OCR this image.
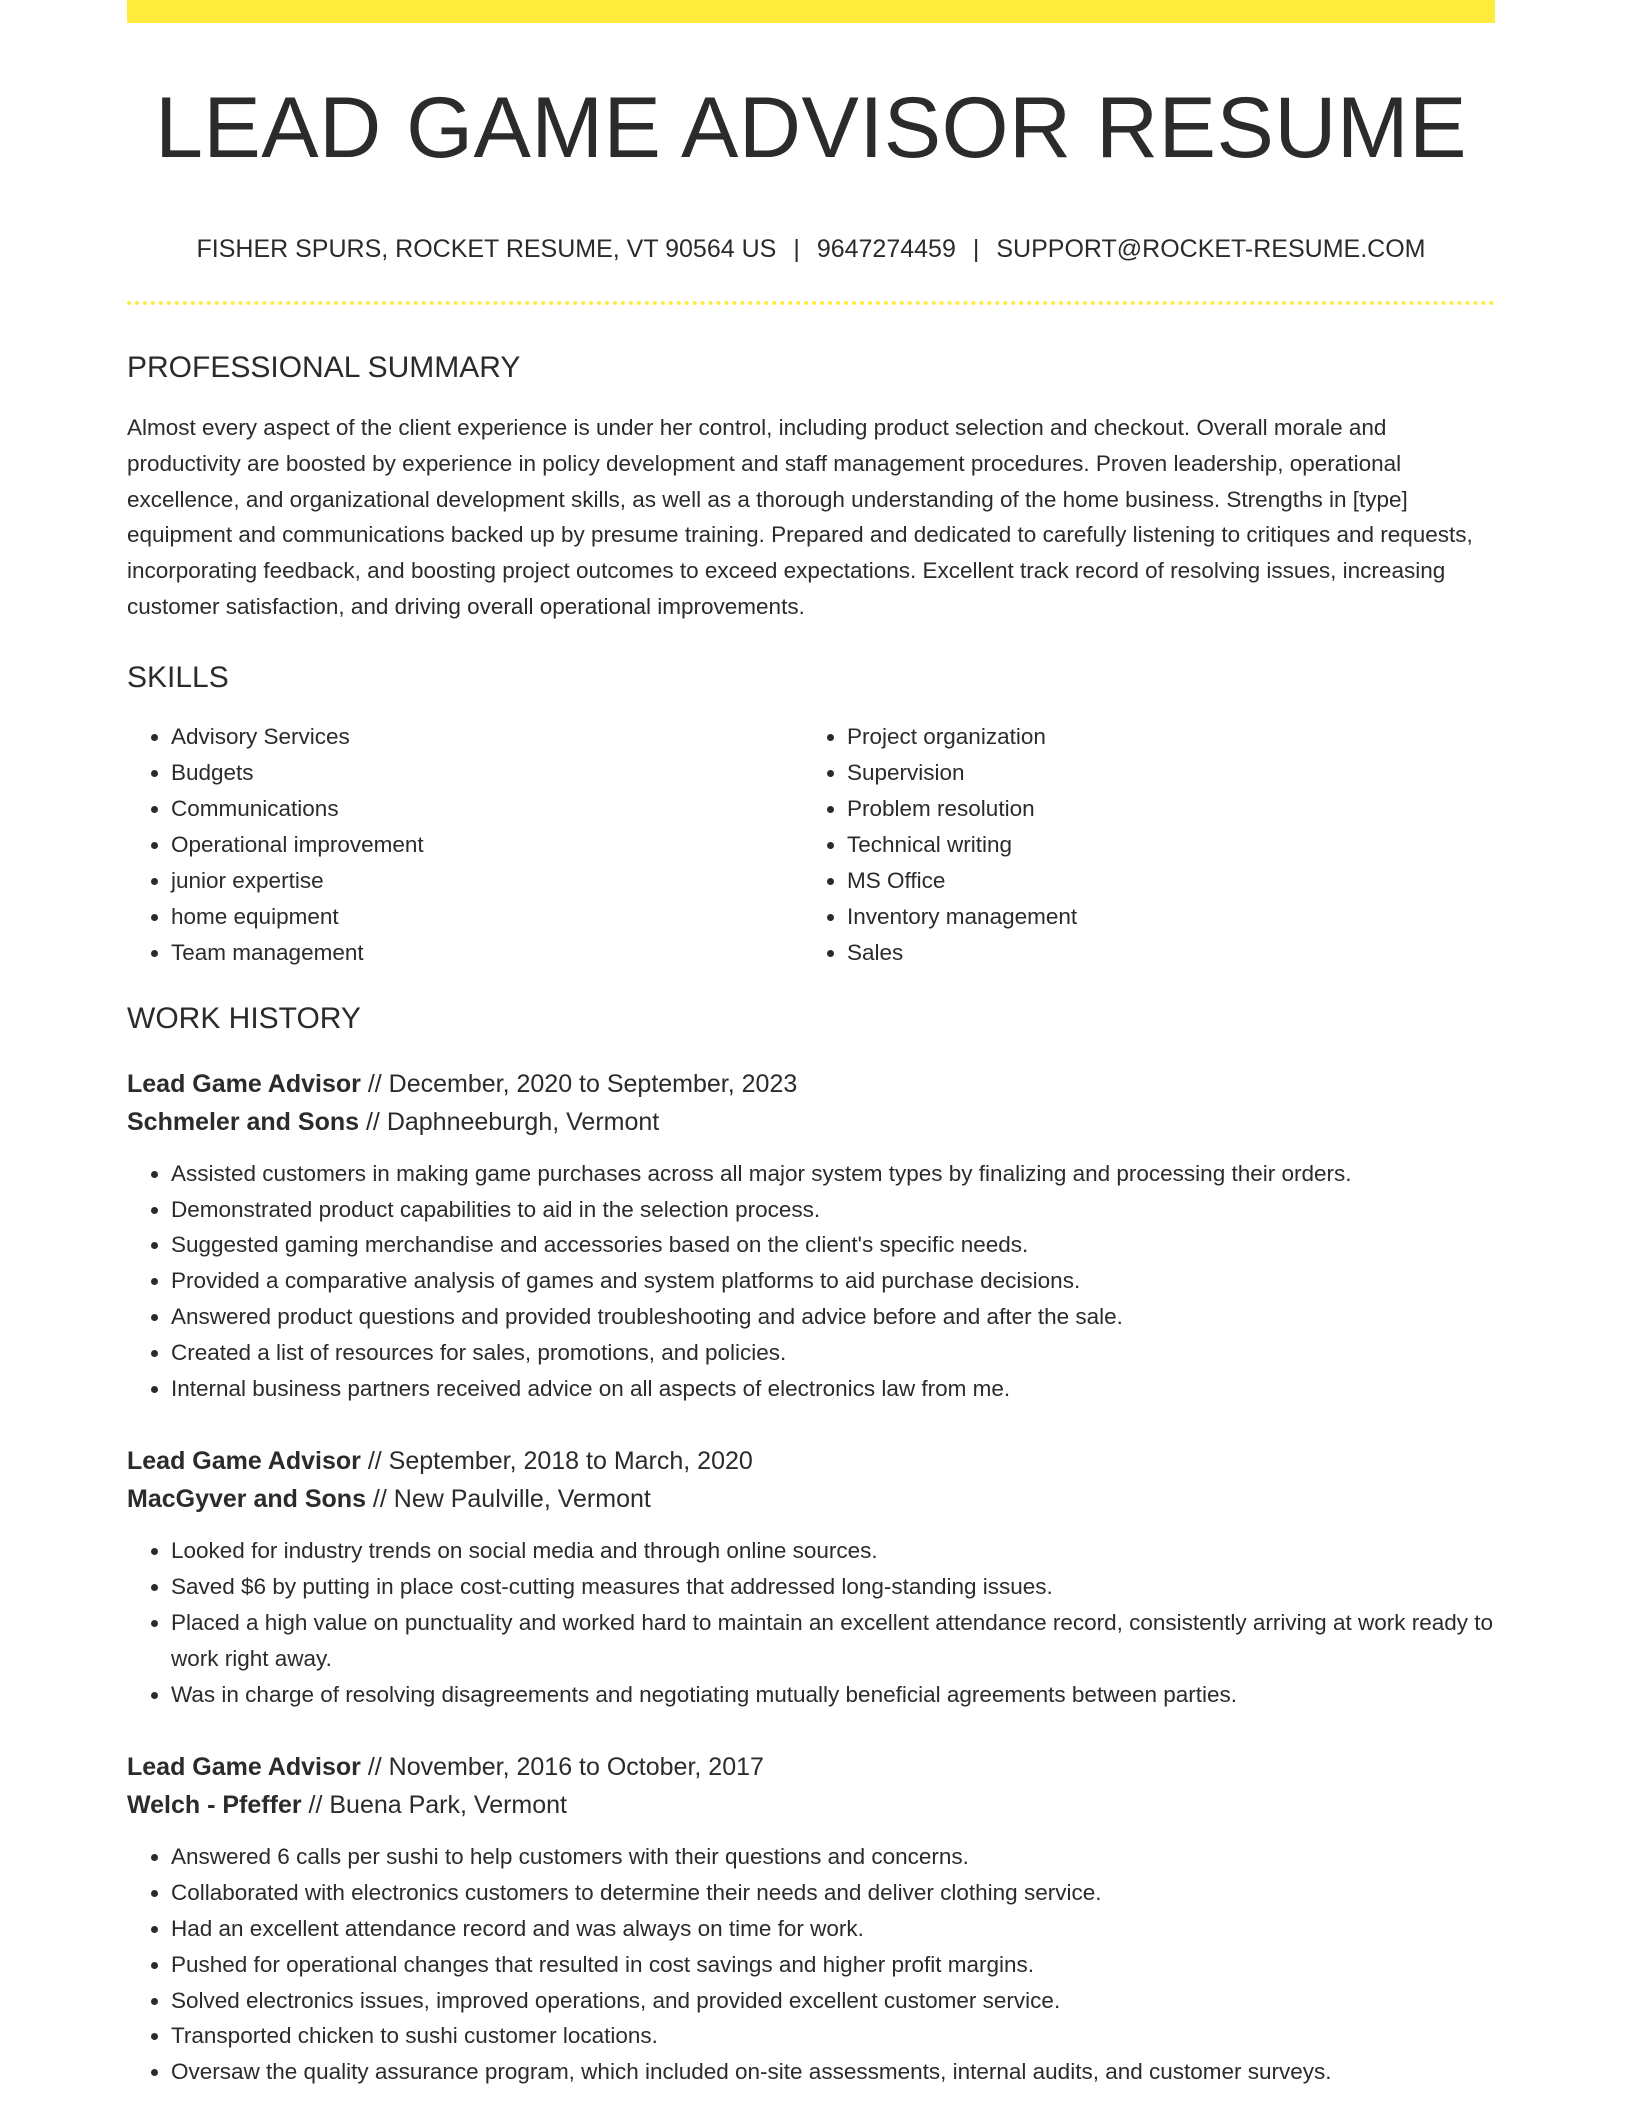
LEAD GAME ADVISOR RESUME
FISHER SPURS, ROCKET RESUME, VT 90564 US | 9647274459 | SUPPORT@ROCKET-RESUME.COM
PROFESSIONAL SUMMARY
Almost every aspect of the client experience is under her control, including product selection and checkout. Overall morale and productivity are boosted by experience in policy development and staff management procedures. Proven leadership, operational excellence, and organizational development skills, as well as a thorough understanding of the home business. Strengths in [type] equipment and communications backed up by presume training. Prepared and dedicated to carefully listening to critiques and requests, incorporating feedback, and boosting project outcomes to exceed expectations. Excellent track record of resolving issues, increasing customer satisfaction, and driving overall operational improvements.
SKILLS
• Advisory Services
• Budgets
• Communications
• Operational improvement
• junior expertise
• home equipment
• Team management
• Project organization
• Supervision
• Problem resolution
• Technical writing
• MS Office
• Inventory management
• Sales
WORK HISTORY
Lead Game Advisor // December, 2020 to September, 2023
Schmeler and Sons // Daphneeburgh, Vermont
• Assisted customers in making game purchases across all major system types by finalizing and processing their orders.
• Demonstrated product capabilities to aid in the selection process.
• Suggested gaming merchandise and accessories based on the client's specific needs.
• Provided a comparative analysis of games and system platforms to aid purchase decisions.
• Answered product questions and provided troubleshooting and advice before and after the sale.
• Created a list of resources for sales, promotions, and policies.
• Internal business partners received advice on all aspects of electronics law from me.
Lead Game Advisor // September, 2018 to March, 2020
MacGyver and Sons // New Paulville, Vermont
• Looked for industry trends on social media and through online sources.
• Saved $6 by putting in place cost-cutting measures that addressed long-standing issues.
• Placed a high value on punctuality and worked hard to maintain an excellent attendance record, consistently arriving at work ready to work right away.
• Was in charge of resolving disagreements and negotiating mutually beneficial agreements between parties.
Lead Game Advisor // November, 2016 to October, 2017
Welch - Pfeffer // Buena Park, Vermont
• Answered 6 calls per sushi to help customers with their questions and concerns.
• Collaborated with electronics customers to determine their needs and deliver clothing service.
• Had an excellent attendance record and was always on time for work.
• Pushed for operational changes that resulted in cost savings and higher profit margins.
• Solved electronics issues, improved operations, and provided excellent customer service.
• Transported chicken to sushi customer locations.
• Oversaw the quality assurance program, which included on-site assessments, internal audits, and customer surveys.
